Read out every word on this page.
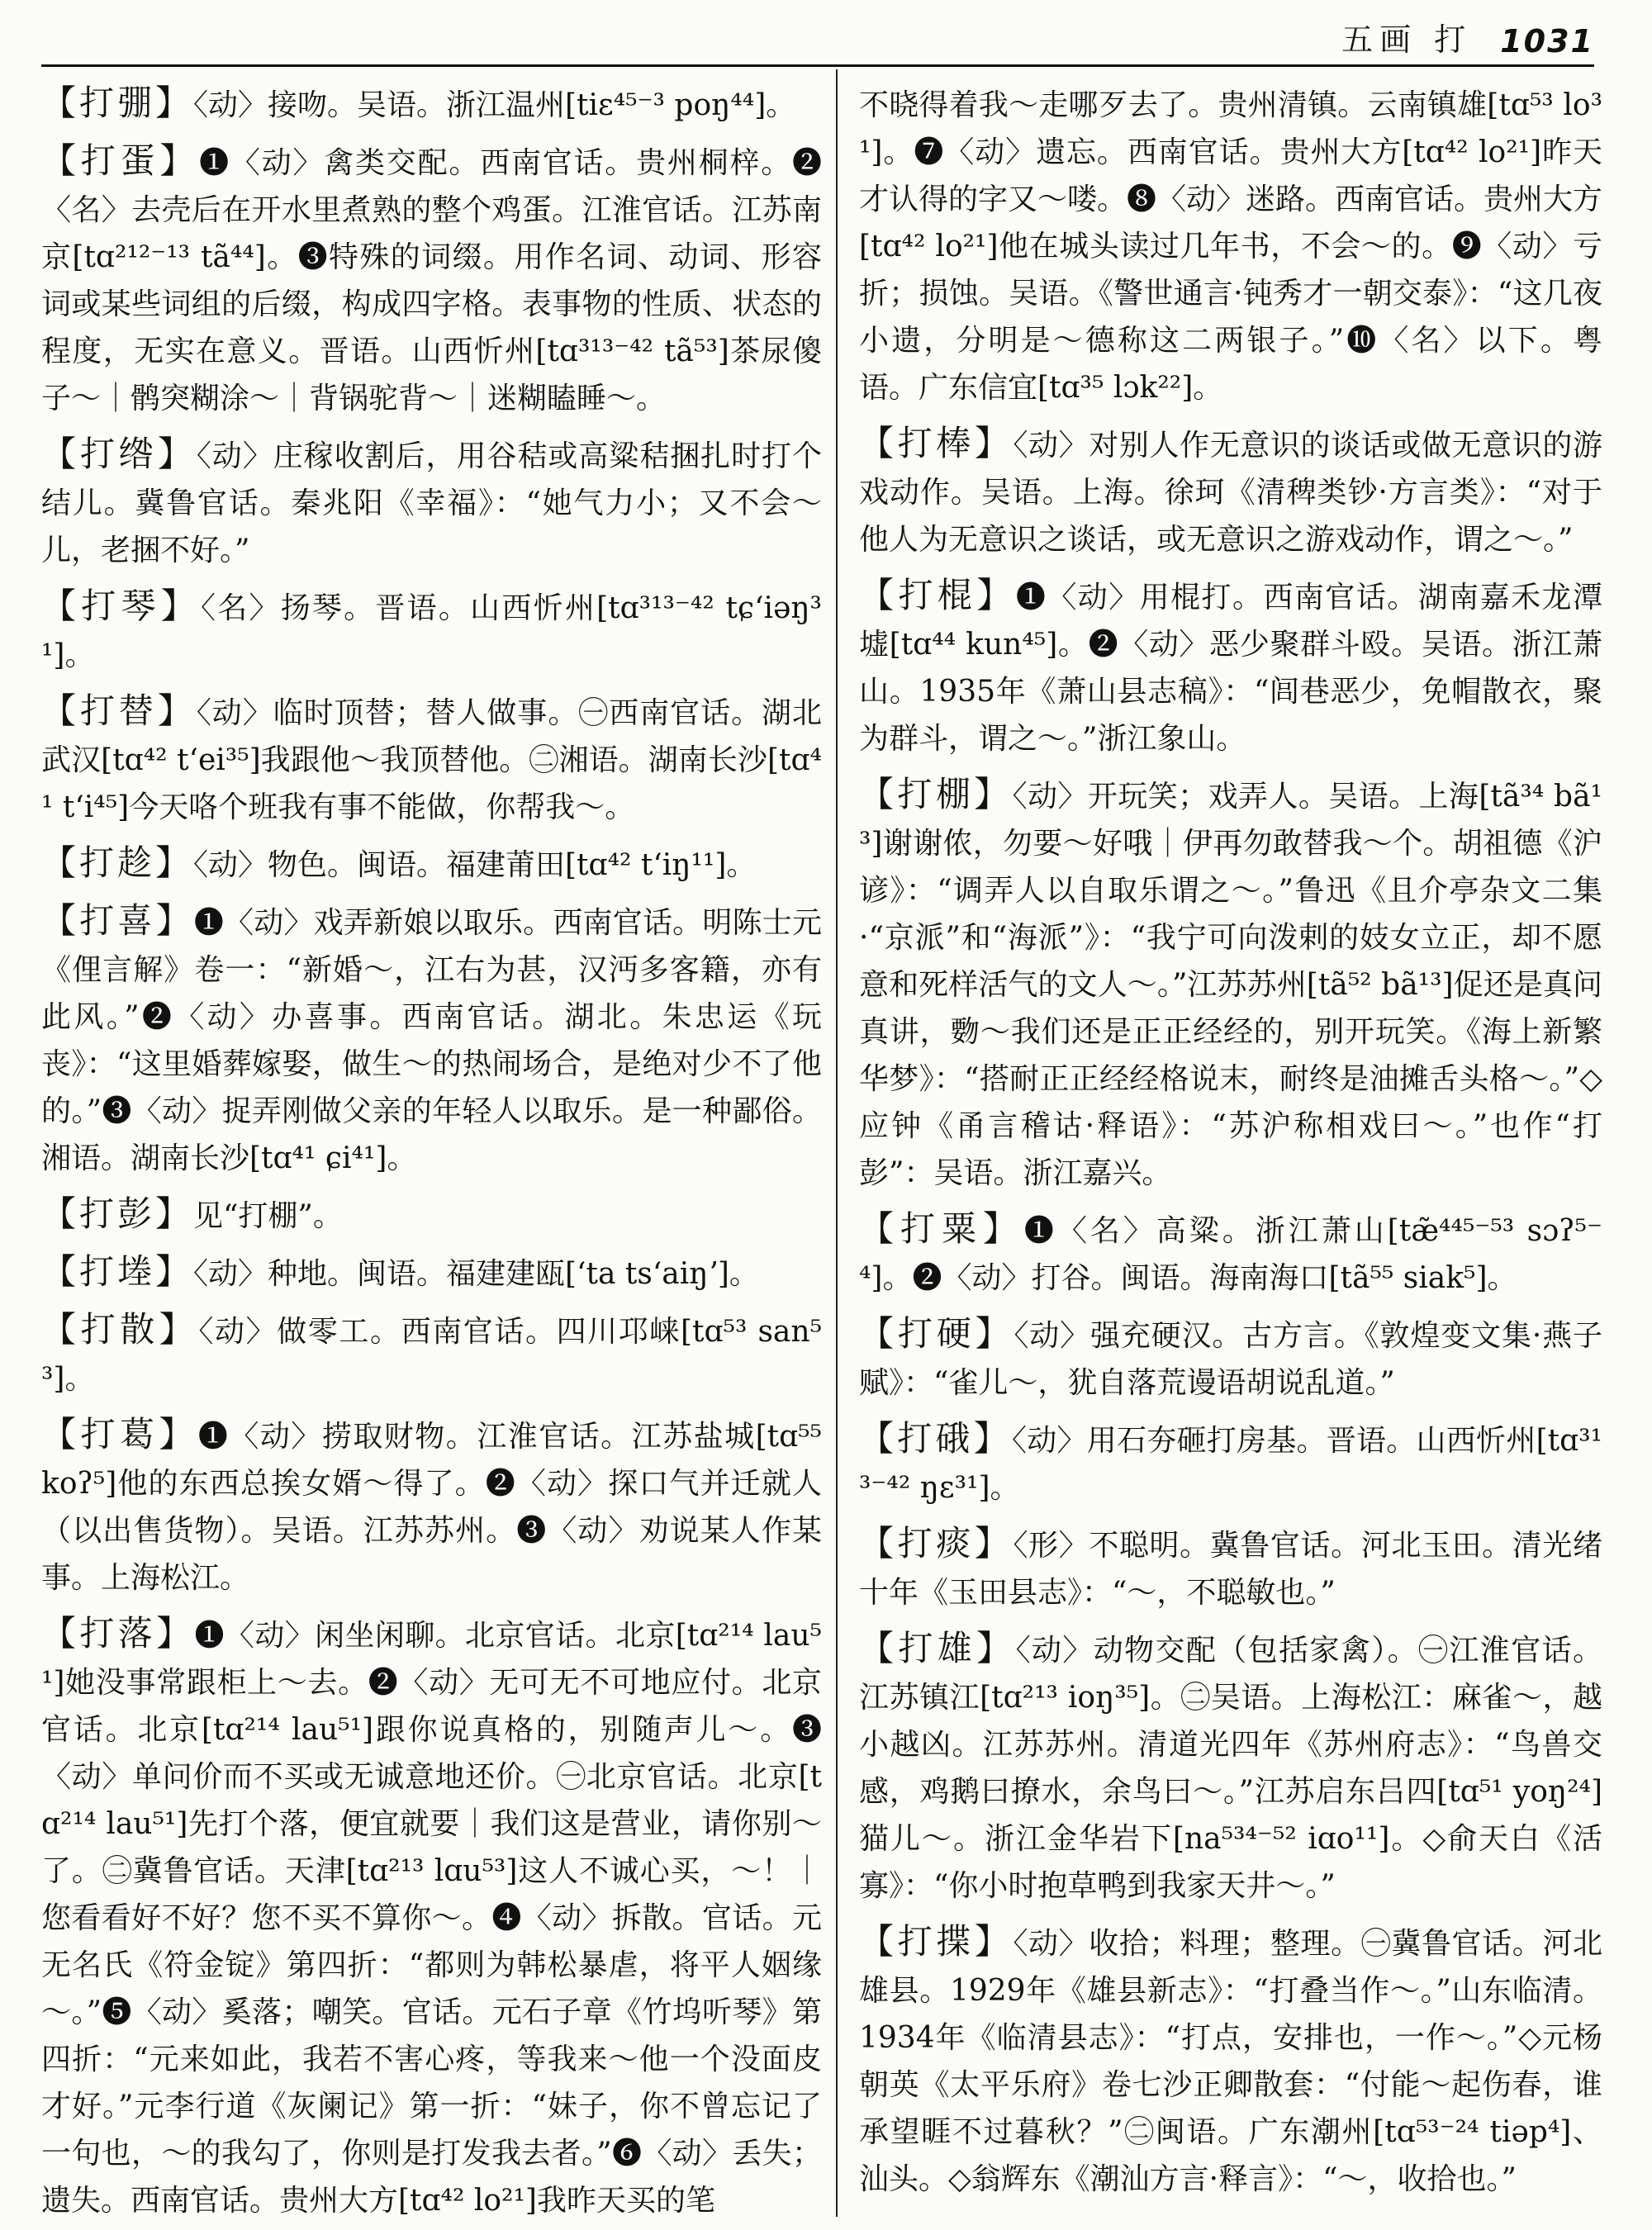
五画 打 1031

【打弸】〈动〉接吻。吴语。浙江温州[tiɛ⁴⁵⁻³ poŋ⁴⁴]。

【打蛋】❶〈动〉禽类交配。西南官话。贵州桐梓。❷〈名〉去壳后在开水里煮熟的整个鸡蛋。江淮官话。江苏南京[tɑ²¹²⁻¹³ tã⁴⁴]。❸特殊的词缀。用作名词、动词、形容词或某些词组的后缀，构成四字格。表事物的性质、状态的程度，无实在意义。晋语。山西忻州[tɑ³¹³⁻⁴² tã⁵³]茶尿傻子～｜鹘突糊涂～｜背锅驼背～｜迷糊瞌睡～。

【打绺】〈动〉庄稼收割后，用谷秸或高粱秸捆扎时打个结儿。冀鲁官话。秦兆阳《幸福》：“她气力小；又不会～儿，老捆不好。”

【打琴】〈名〉扬琴。晋语。山西忻州[tɑ³¹³⁻⁴² tɕʻiəŋ³¹]。

【打替】〈动〉临时顶替；替人做事。㊀西南官话。湖北武汉[tɑ⁴² tʻei³⁵]我跟他～我顶替他。㊁湘语。湖南长沙[tɑ⁴¹ tʻi⁴⁵]今天咯个班我有事不能做，你帮我～。

【打趁】〈动〉物色。闽语。福建莆田[tɑ⁴² tʻiŋ¹¹]。

【打喜】❶〈动〉戏弄新娘以取乐。西南官话。明陈士元《俚言解》卷一：“新婚～，江右为甚，汉沔多客籍，亦有此风。”❷〈动〉办喜事。西南官话。湖北。朱忠运《玩丧》：“这里婚葬嫁娶，做生～的热闹场合，是绝对少不了他的。”❸〈动〉捉弄刚做父亲的年轻人以取乐。是一种鄙俗。湘语。湖南长沙[tɑ⁴¹ ɕi⁴¹]。

【打彭】见“打棚”。

【打堘】〈动〉种地。闽语。福建建瓯[ʻta tsʻaiŋʼ]。

【打散】〈动〉做零工。西南官话。四川邛崃[tɑ⁵³ san⁵³]。

【打葛】❶〈动〉捞取财物。江淮官话。江苏盐城[tɑ⁵⁵ koʔ⁵]他的东西总挨女婿～得了。❷〈动〉探口气并迁就人（以出售货物）。吴语。江苏苏州。❸〈动〉劝说某人作某事。上海松江。

【打落】❶〈动〉闲坐闲聊。北京官话。北京[tɑ²¹⁴ lau⁵¹]她没事常跟柜上～去。❷〈动〉无可无不可地应付。北京官话。北京[tɑ²¹⁴ lau⁵¹]跟你说真格的，别随声儿～。❸〈动〉单问价而不买或无诚意地还价。㊀北京官话。北京[tɑ²¹⁴ lau⁵¹]先打个落，便宜就要｜我们这是营业，请你别～了。㊁冀鲁官话。天津[tɑ²¹³ lɑu⁵³]这人不诚心买，～！｜您看看好不好？您不买不算你～。❹〈动〉拆散。官话。元无名氏《符金锭》第四折：“都则为韩松暴虐，将平人姻缘～。”❺〈动〉奚落；嘲笑。官话。元石子章《竹坞听琴》第四折：“元来如此，我若不害心疼，等我来～他一个没面皮才好。”元李行道《灰阑记》第一折：“妹子，你不曾忘记了一句也，～的我勾了，你则是打发我去者。”❻〈动〉丢失；遗失。西南官话。贵州大方[tɑ⁴² lo²¹]我昨天买的笔

不晓得着我～走哪歹去了。贵州清镇。云南镇雄[tɑ⁵³ lo³¹]。❼〈动〉遗忘。西南官话。贵州大方[tɑ⁴² lo²¹]昨天才认得的字又～喽。❽〈动〉迷路。西南官话。贵州大方[tɑ⁴² lo²¹]他在城头读过几年书，不会～的。❾〈动〉亏折；损蚀。吴语。《警世通言·钝秀才一朝交泰》：“这几夜小遗，分明是～德称这二两银子。”❿〈名〉以下。粤语。广东信宜[tɑ³⁵ lɔk²²]。

【打棒】〈动〉对别人作无意识的谈话或做无意识的游戏动作。吴语。上海。徐珂《清稗类钞·方言类》：“对于他人为无意识之谈话，或无意识之游戏动作，谓之～。”

【打棍】❶〈动〉用棍打。西南官话。湖南嘉禾龙潭墟[tɑ⁴⁴ kun⁴⁵]。❷〈动〉恶少聚群斗殴。吴语。浙江萧山。1935年《萧山县志稿》：“闾巷恶少，免帽散衣，聚为群斗，谓之～。”浙江象山。

【打棚】〈动〉开玩笑；戏弄人。吴语。上海[tã³⁴ bã¹³]谢谢侬，勿要～好哦｜伊再勿敢替我～个。胡祖德《沪谚》：“调弄人以自取乐谓之～。”鲁迅《且介亭杂文二集·“京派”和“海派”》：“我宁可向泼剌的妓女立正，却不愿意和死样活气的文人～。”江苏苏州[tã⁵² bã¹³]促还是真问真讲，覅～我们还是正正经经的，别开玩笑。《海上新繁华梦》：“搭耐正正经经格说末，耐终是油摊舌头格～。”◇应钟《甬言稽诂·释语》：“苏沪称相戏曰～。”也作“打彭”：吴语。浙江嘉兴。

【打粟】❶〈名〉高粱。浙江萧山[tæ̃⁴⁴⁵⁻⁵³ sɔʔ⁵⁻⁴]。❷〈动〉打谷。闽语。海南海口[tã⁵⁵ siak⁵]。

【打硬】〈动〉强充硬汉。古方言。《敦煌变文集·燕子赋》：“雀儿～，犹自落荒谩语胡说乱道。”

【打硪】〈动〉用石夯砸打房基。晋语。山西忻州[tɑ³¹³⁻⁴² ŋɛ³¹]。

【打痰】〈形〉不聪明。冀鲁官话。河北玉田。清光绪十年《玉田县志》：“～，不聪敏也。”

【打雄】〈动〉动物交配（包括家禽）。㊀江淮官话。江苏镇江[tɑ²¹³ ioŋ³⁵]。㊁吴语。上海松江：麻雀～，越小越凶。江苏苏州。清道光四年《苏州府志》：“鸟兽交感，鸡鹅曰撩水，余鸟曰～。”江苏启东吕四[tɑ⁵¹ yoŋ²⁴]猫儿～。浙江金华岩下[na⁵³⁴⁻⁵² iɑo¹¹]。◇俞天白《活寡》：“你小时抱草鸭到我家天井～。”

【打揲】〈动〉收拾；料理；整理。㊀冀鲁官话。河北雄县。1929年《雄县新志》：“打叠当作～。”山东临清。1934年《临清县志》：“打点，安排也，一作～。”◇元杨朝英《太平乐府》卷七沙正卿散套：“付能～起伤春，谁承望睚不过暮秋？”㊁闽语。广东潮州[tɑ⁵³⁻²⁴ tiəp⁴]、汕头。◇翁辉东《潮汕方言·释言》：“～，收拾也。”
